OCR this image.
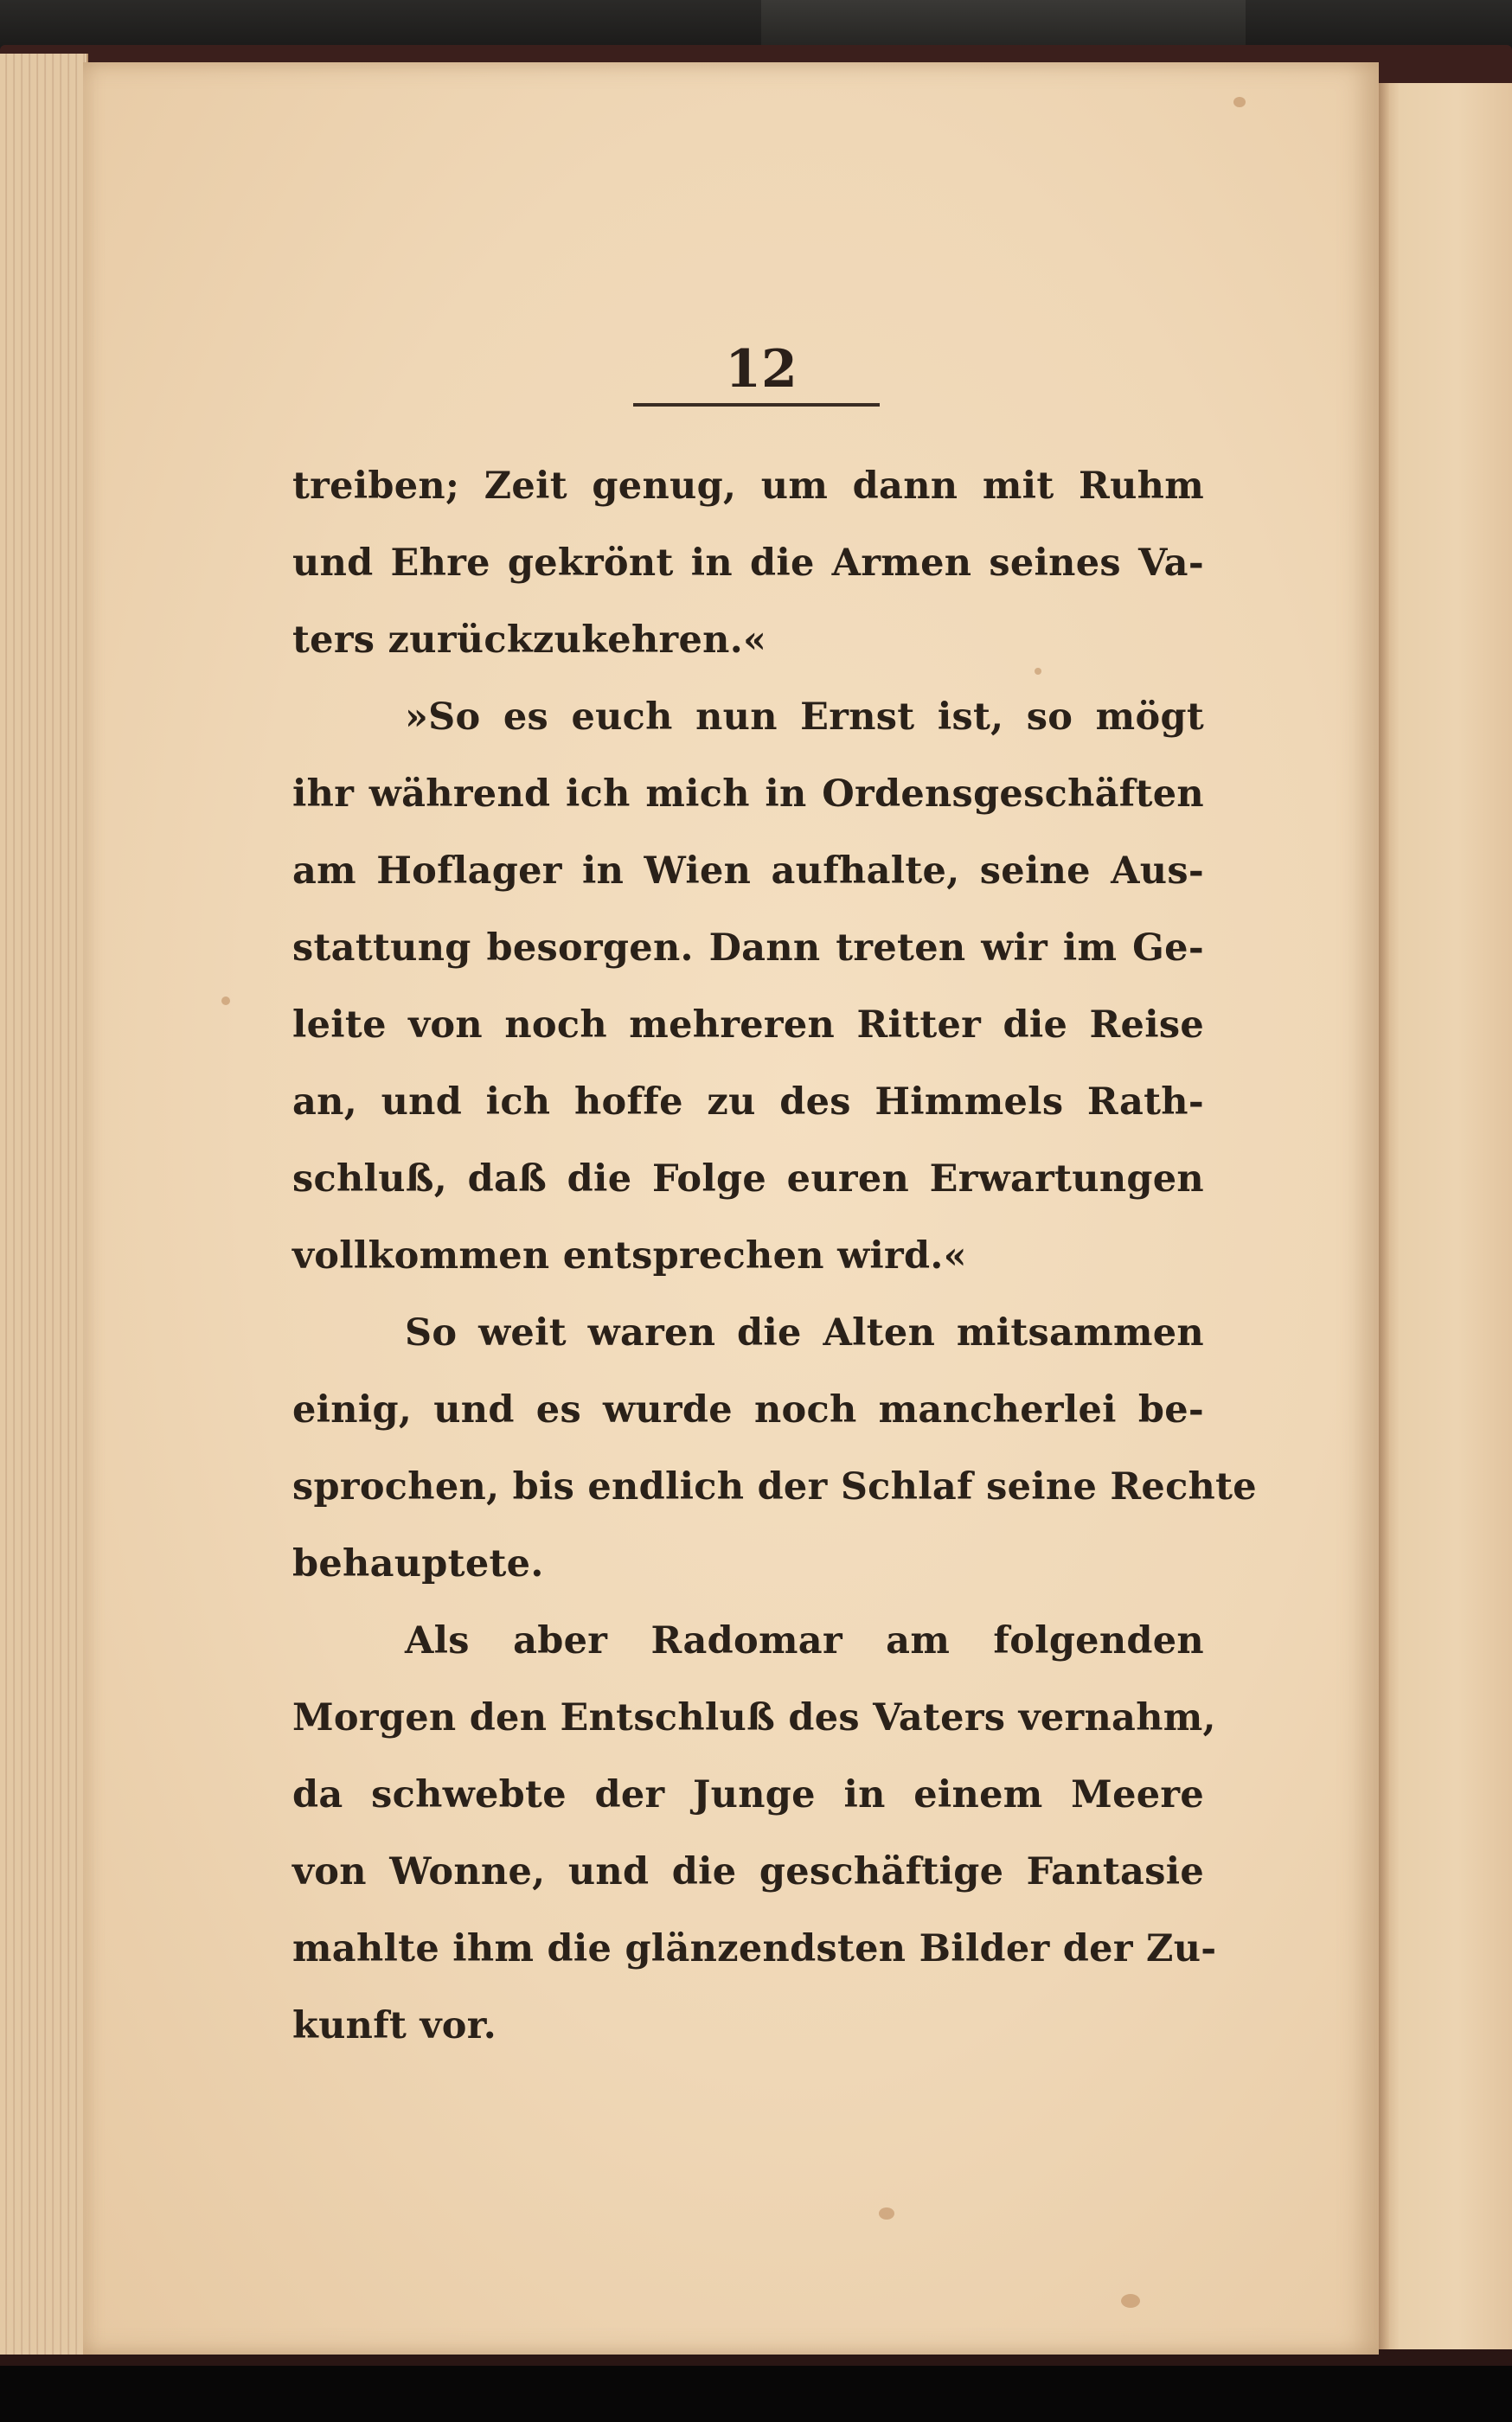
12
treiben; Zeit genug, um dann mit Ruhm
und Ehre gekrönt in die Armen seines Va-
ters zurückzukehren.«
»So es euch nun Ernst ist, so mögt
ihr während ich mich in Ordensgeschäften
am Hoflager in Wien aufhalte, seine Aus-
stattung besorgen. Dann treten wir im Ge-
leite von noch mehreren Ritter die Reise
an, und ich hoffe zu des Himmels Rath-
schluß, daß die Folge euren Erwartungen
vollkommen entsprechen wird.«
So weit waren die Alten mitsammen
einig, und es wurde noch mancherlei be-
sprochen, bis endlich der Schlaf seine Rechte
behauptete.
Als aber Radomar am folgenden
Morgen den Entschluß des Vaters vernahm,
da schwebte der Junge in einem Meere
von Wonne, und die geschäftige Fantasie
mahlte ihm die glänzendsten Bilder der Zu-
kunft vor.
